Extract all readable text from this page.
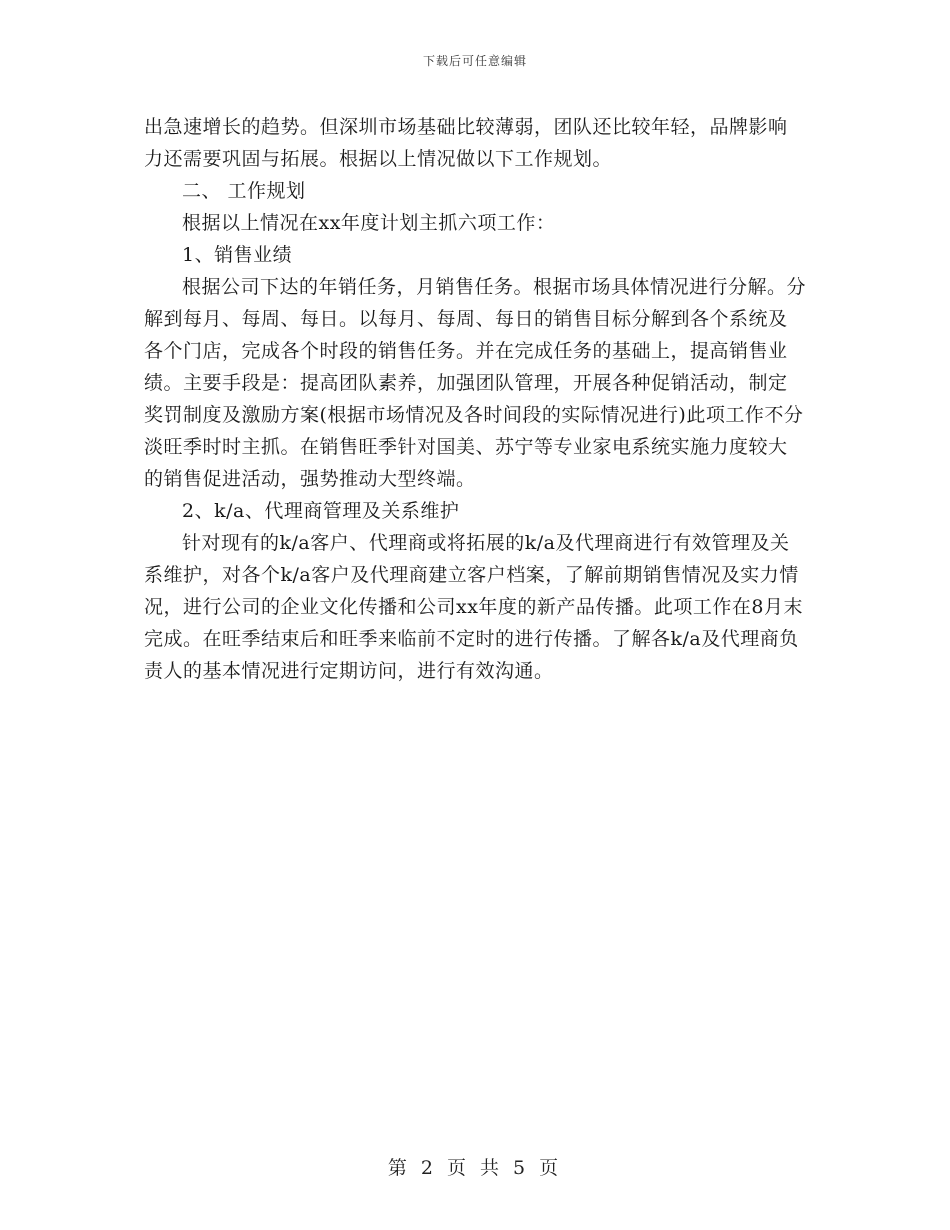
下载后可任意编辑

出急速增长的趋势。但深圳市场基础比较薄弱，团队还比较年轻，品牌影响力还需要巩固与拓展。根据以上情况做以下工作规划。

二、 工作规划

根据以上情况在xx年度计划主抓六项工作：

1、销售业绩

根据公司下达的年销任务，月销售任务。根据市场具体情况进行分解。分解到每月、每周、每日。以每月、每周、每日的销售目标分解到各个系统及各个门店，完成各个时段的销售任务。并在完成任务的基础上，提高销售业绩。主要手段是：提高团队素养，加强团队管理，开展各种促销活动，制定奖罚制度及激励方案(根据市场情况及各时间段的实际情况进行)此项工作不分淡旺季时时主抓。在销售旺季针对国美、苏宁等专业家电系统实施力度较大的销售促进活动，强势推动大型终端。

2、k/a、代理商管理及关系维护

针对现有的k/a客户、代理商或将拓展的k/a及代理商进行有效管理及关系维护，对各个k/a客户及代理商建立客户档案，了解前期销售情况及实力情况，进行公司的企业文化传播和公司xx年度的新产品传播。此项工作在8月末完成。在旺季结束后和旺季来临前不定时的进行传播。了解各k/a及代理商负责人的基本情况进行定期访问，进行有效沟通。

第 2 页 共 5 页
